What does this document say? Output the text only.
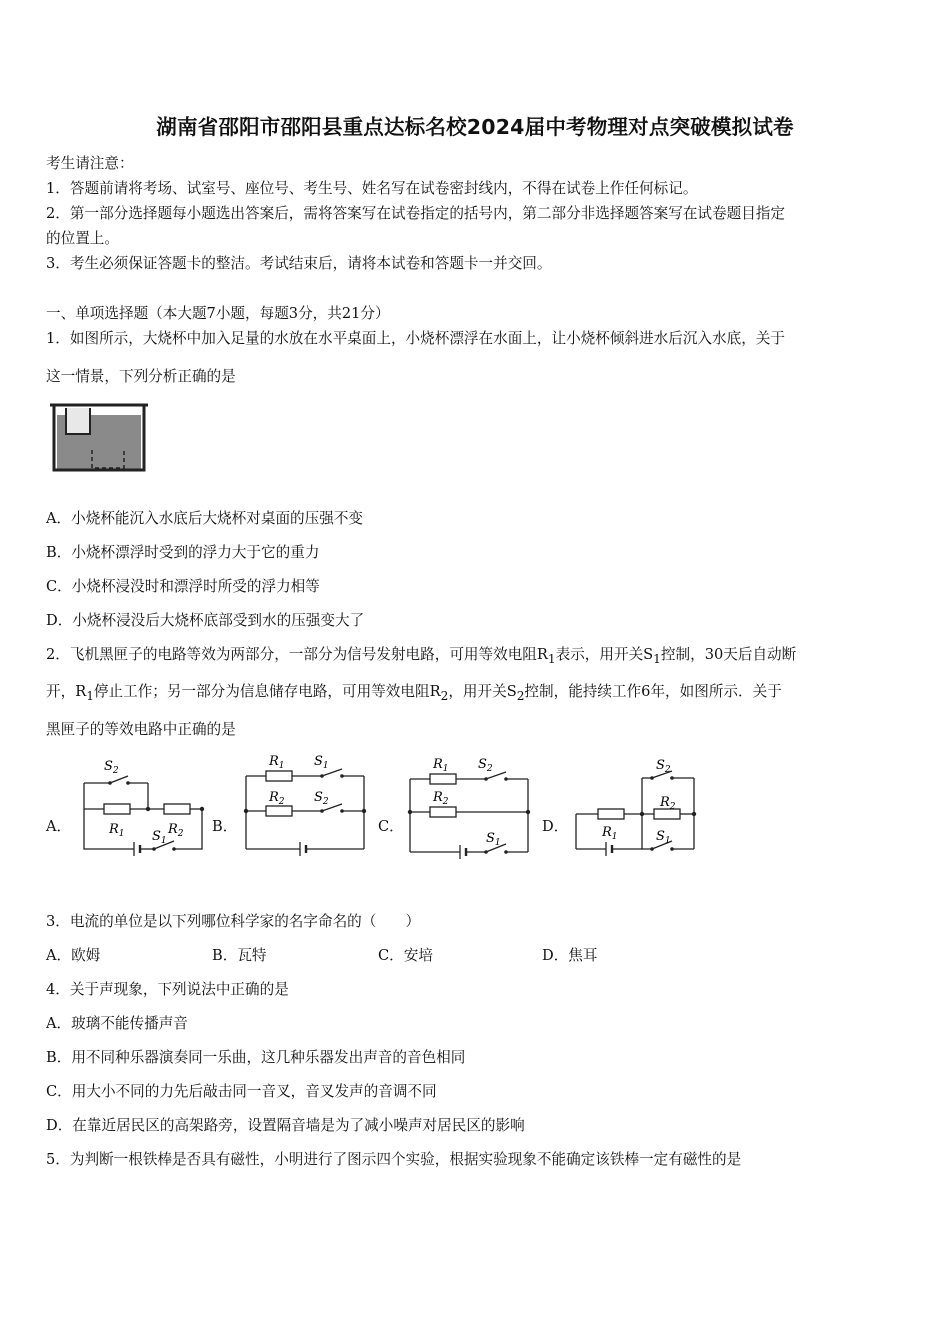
湖南省邵阳市邵阳县重点达标名校2024届中考物理对点突破模拟试卷
考生请注意：
1．答题前请将考场、试室号、座位号、考生号、姓名写在试卷密封线内，不得在试卷上作任何标记。
2．第一部分选择题每小题选出答案后，需将答案写在试卷指定的括号内，第二部分非选择题答案写在试卷题目指定
的位置上。
3．考生必须保证答题卡的整洁。考试结束后，请将本试卷和答题卡一并交回。
一、单项选择题（本大题7小题，每题3分，共21分）
1．如图所示，大烧杯中加入足量的水放在水平桌面上，小烧杯漂浮在水面上，让小烧杯倾斜进水后沉入水底，关于
这一情景，下列分析正确的是
A．小烧杯能沉入水底后大烧杯对桌面的压强不变
B．小烧杯漂浮时受到的浮力大于它的重力
C．小烧杯浸没时和漂浮时所受的浮力相等
D．小烧杯浸没后大烧杯底部受到水的压强变大了
2．飞机黑匣子的电路等效为两部分，一部分为信号发射电路，可用等效电阻$R_1$表示，用开关$S_1$控制，30天后自动断
开，$R_1$停止工作；另一部分为信息储存电路，可用等效电阻$R_2$，用开关$S_2$控制，能持续工作6年，如图所示．关于
黑匣子的等效电路中正确的是
A．	B．	C．	D．
$S_2$
$R_1$	$R_2$
$S_1$
$R_1$ $S_1$
$R_2$ $S_2$
$R_1$ $S_2$
$R_2$
$S_1$
$S_2$
$R_2$
$R_1$	$S_1$
3．电流的单位是以下列哪位科学家的名字命名的（　　）
A．欧姆	B．瓦特	C．安培	D．焦耳
4．关于声现象，下列说法中正确的是
A．玻璃不能传播声音
B．用不同种乐器演奏同一乐曲，这几种乐器发出声音的音色相同
C．用大小不同的力先后敲击同一音叉，音叉发声的音调不同
D．在靠近居民区的高架路旁，设置隔音墙是为了减小噪声对居民区的影响
5．为判断一根铁棒是否具有磁性，小明进行了图示四个实验，根据实验现象不能确定该铁棒一定有磁性的是
